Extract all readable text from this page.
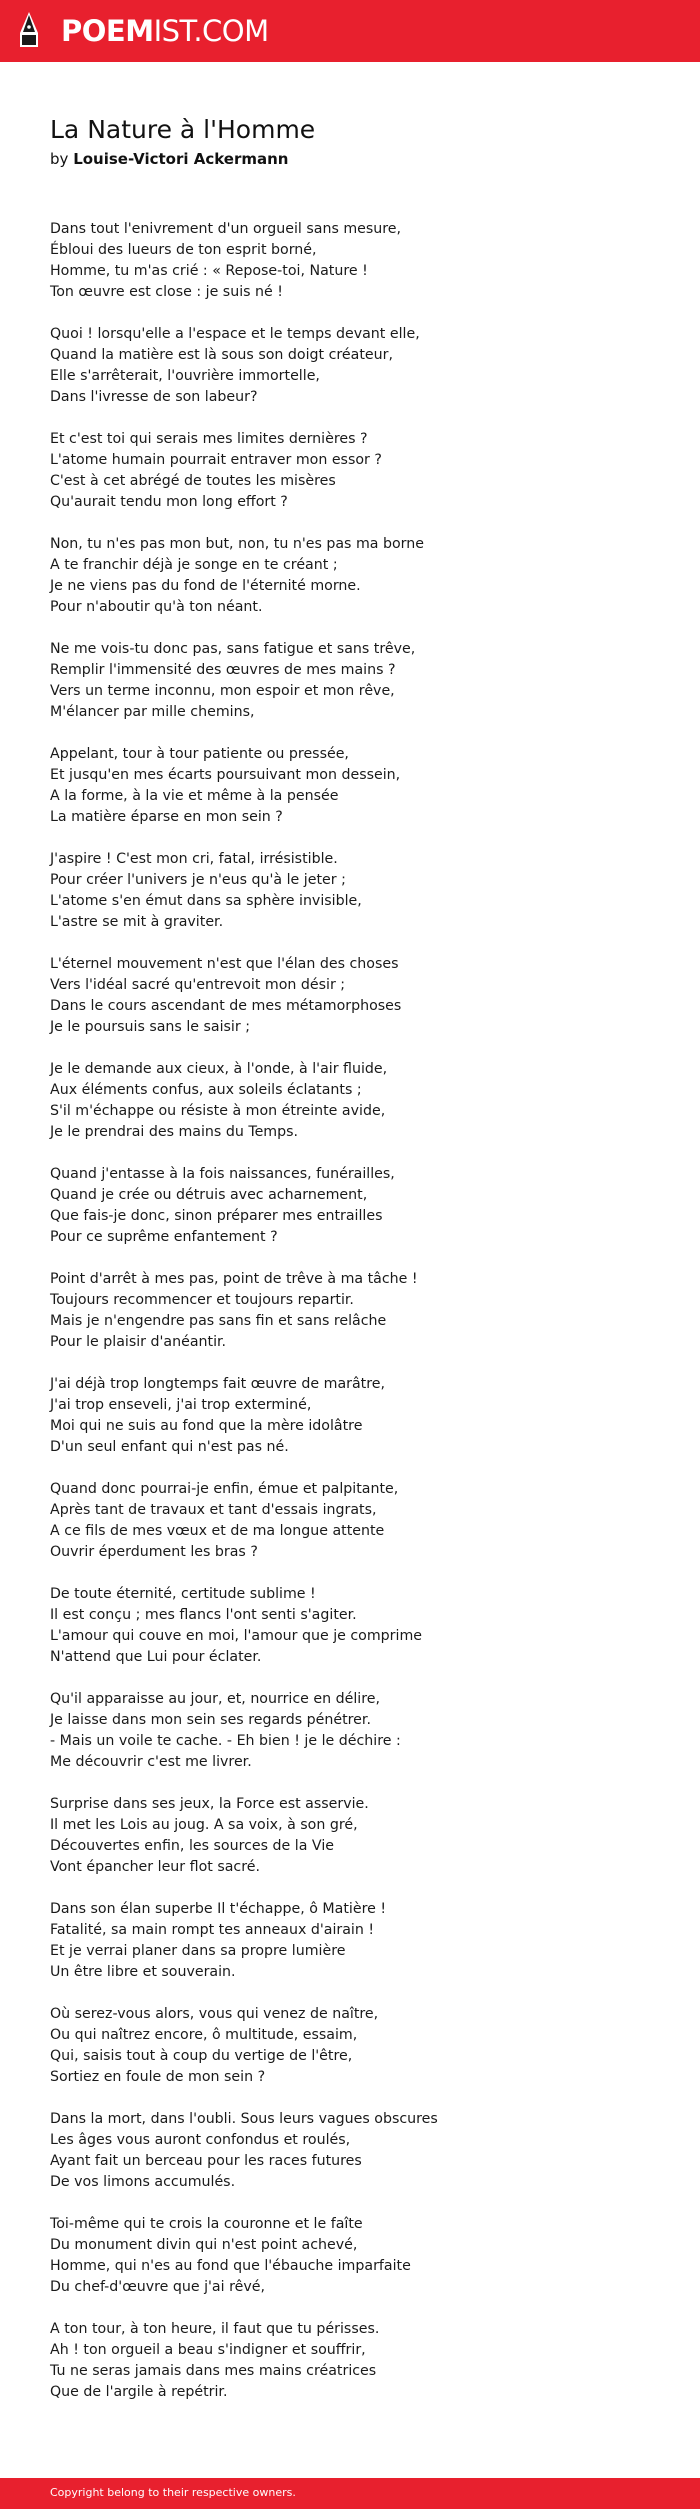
POEMIST.COM
La Nature à l'Homme
by Louise-Victori Ackermann
Dans tout l'enivrement d'un orgueil sans mesure,
Ébloui des lueurs de ton esprit borné,
Homme, tu m'as crié : « Repose-toi, Nature !
Ton œuvre est close : je suis né !
Quoi ! lorsqu'elle a l'espace et le temps devant elle,
Quand la matière est là sous son doigt créateur,
Elle s'arrêterait, l'ouvrière immortelle,
Dans l'ivresse de son labeur?
Et c'est toi qui serais mes limites dernières ?
L'atome humain pourrait entraver mon essor ?
C'est à cet abrégé de toutes les misères
Qu'aurait tendu mon long effort ?
Non, tu n'es pas mon but, non, tu n'es pas ma borne
A te franchir déjà je songe en te créant ;
Je ne viens pas du fond de l'éternité morne.
Pour n'aboutir qu'à ton néant.
Ne me vois-tu donc pas, sans fatigue et sans trêve,
Remplir l'immensité des œuvres de mes mains ?
Vers un terme inconnu, mon espoir et mon rêve,
M'élancer par mille chemins,
Appelant, tour à tour patiente ou pressée,
Et jusqu'en mes écarts poursuivant mon dessein,
A la forme, à la vie et même à la pensée
La matière éparse en mon sein ?
J'aspire ! C'est mon cri, fatal, irrésistible.
Pour créer l'univers je n'eus qu'à le jeter ;
L'atome s'en émut dans sa sphère invisible,
L'astre se mit à graviter.
L'éternel mouvement n'est que l'élan des choses
Vers l'idéal sacré qu'entrevoit mon désir ;
Dans le cours ascendant de mes métamorphoses
Je le poursuis sans le saisir ;
Je le demande aux cieux, à l'onde, à l'air fluide,
Aux éléments confus, aux soleils éclatants ;
S'il m'échappe ou résiste à mon étreinte avide,
Je le prendrai des mains du Temps.
Quand j'entasse à la fois naissances, funérailles,
Quand je crée ou détruis avec acharnement,
Que fais-je donc, sinon préparer mes entrailles
Pour ce suprême enfantement ?
Point d'arrêt à mes pas, point de trêve à ma tâche !
Toujours recommencer et toujours repartir.
Mais je n'engendre pas sans fin et sans relâche
Pour le plaisir d'anéantir.
J'ai déjà trop longtemps fait œuvre de marâtre,
J'ai trop enseveli, j'ai trop exterminé,
Moi qui ne suis au fond que la mère idolâtre
D'un seul enfant qui n'est pas né.
Quand donc pourrai-je enfin, émue et palpitante,
Après tant de travaux et tant d'essais ingrats,
A ce fils de mes vœux et de ma longue attente
Ouvrir éperdument les bras ?
De toute éternité, certitude sublime !
Il est conçu ; mes flancs l'ont senti s'agiter.
L'amour qui couve en moi, l'amour que je comprime
N'attend que Lui pour éclater.
Qu'il apparaisse au jour, et, nourrice en délire,
Je laisse dans mon sein ses regards pénétrer.
- Mais un voile te cache. - Eh bien ! je le déchire :
Me découvrir c'est me livrer.
Surprise dans ses jeux, la Force est asservie.
Il met les Lois au joug. A sa voix, à son gré,
Découvertes enfin, les sources de la Vie
Vont épancher leur flot sacré.
Dans son élan superbe Il t'échappe, ô Matière !
Fatalité, sa main rompt tes anneaux d'airain !
Et je verrai planer dans sa propre lumière
Un être libre et souverain.
Où serez-vous alors, vous qui venez de naître,
Ou qui naîtrez encore, ô multitude, essaim,
Qui, saisis tout à coup du vertige de l'être,
Sortiez en foule de mon sein ?
Dans la mort, dans l'oubli. Sous leurs vagues obscures
Les âges vous auront confondus et roulés,
Ayant fait un berceau pour les races futures
De vos limons accumulés.
Toi-même qui te crois la couronne et le faîte
Du monument divin qui n'est point achevé,
Homme, qui n'es au fond que l'ébauche imparfaite
Du chef-d'œuvre que j'ai rêvé,
A ton tour, à ton heure, il faut que tu périsses.
Ah ! ton orgueil a beau s'indigner et souffrir,
Tu ne seras jamais dans mes mains créatrices
Que de l'argile à repétrir.
Copyright belong to their respective owners.
